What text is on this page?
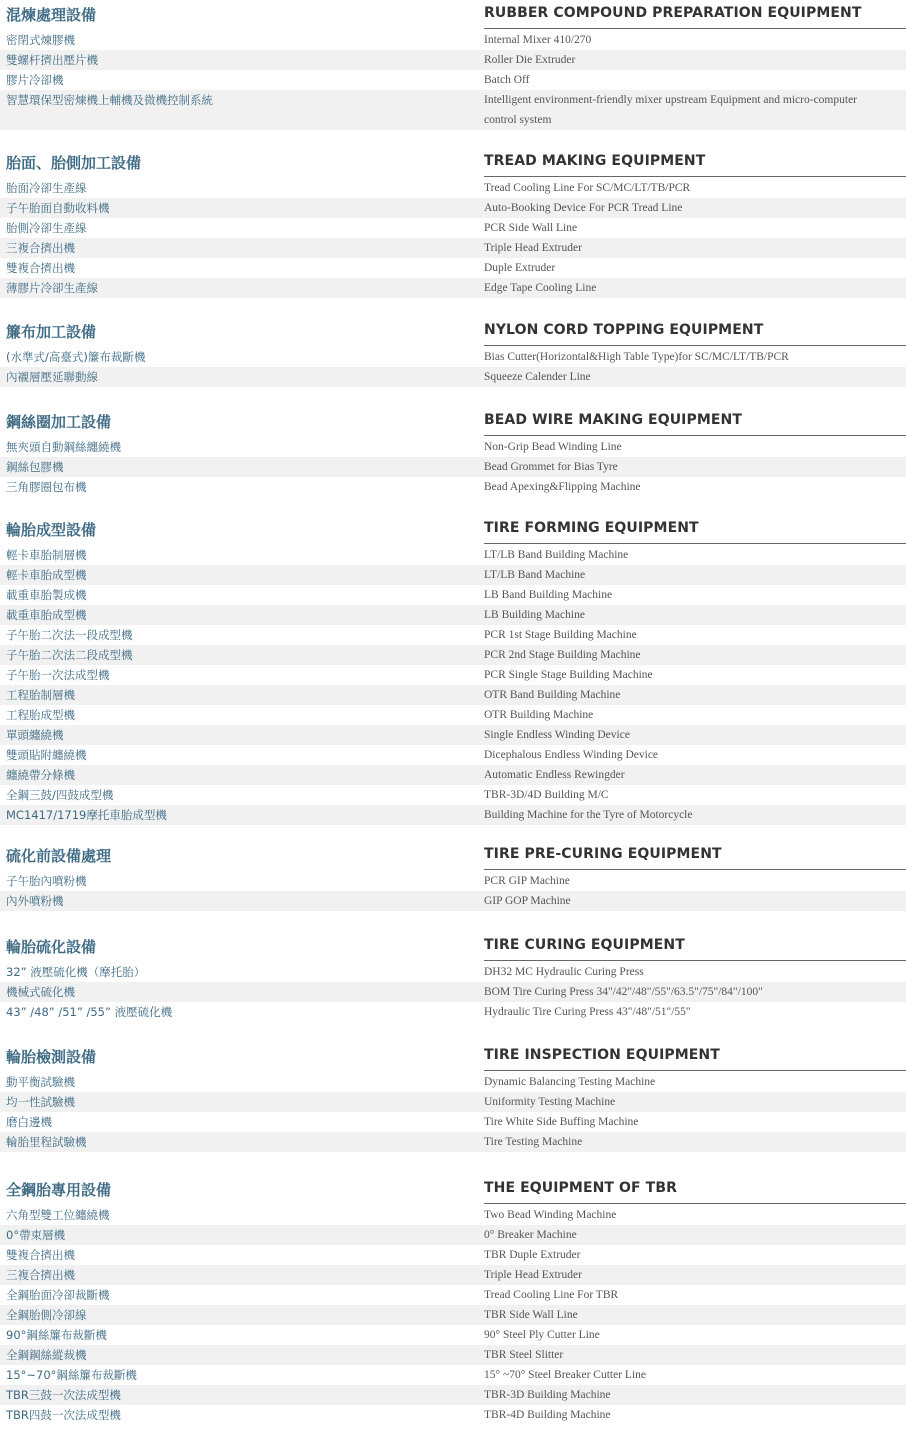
混煉處理設備	RUBBER COMPOUND PREPARATION EQUIPMENT
密閉式煉膠機	Internal Mixer 410/270
雙螺杆擠出壓片機	Roller Die Extruder
膠片冷卻機	Batch Off
智慧環保型密煉機上輔機及微機控制系統	Intelligent environment-friendly mixer upstream Equipment and micro-computer control system
胎面、胎側加工設備	TREAD MAKING EQUIPMENT
胎面冷卻生產線	Tread Cooling Line For SC/MC/LT/TB/PCR
子午胎面自動收料機	Auto-Booking Device For PCR Tread Line
胎側冷卻生產線	PCR Side Wall Line
三複合擠出機	Triple Head Extruder
雙複合擠出機	Duple Extruder
薄膠片冷卻生產線	Edge Tape Cooling Line
簾布加工設備	NYLON CORD TOPPING EQUIPMENT
(水準式/高臺式)簾布裁斷機	Bias Cutter(Horizontal&High Table Type)for SC/MC/LT/TB/PCR
內襯層壓延聯動線	Squeeze Calender Line
鋼絲圈加工設備	BEAD WIRE MAKING EQUIPMENT
無夾頭自動鋼絲纏繞機	Non-Grip Bead Winding Line
鋼絲包膠機	Bead Grommet for Bias Tyre
三角膠圈包布機	Bead Apexing&Flipping Machine
輪胎成型設備	TIRE FORMING EQUIPMENT
輕卡車胎制層機	LT/LB Band Building Machine
輕卡車胎成型機	LT/LB Band Machine
載重車胎製成機	LB Band Building Machine
載重車胎成型機	LB Building Machine
子午胎二次法一段成型機	PCR 1st Stage Building Machine
子午胎二次法二段成型機	PCR 2nd Stage Building Machine
子午胎一次法成型機	PCR Single Stage Building Machine
工程胎制層機	OTR Band Building Machine
工程胎成型機	OTR Building Machine
單頭纏繞機	Single Endless Winding Device
雙頭貼附纏繞機	Dicephalous Endless Winding Device
纏繞帶分條機	Automatic Endless Rewingder
全鋼三鼓/四鼓成型機	TBR-3D/4D Building M/C
MC1417/1719摩托車胎成型機	Building Machine for the Tyre of Motorcycle
硫化前設備處理	TIRE PRE-CURING EQUIPMENT
子午胎內噴粉機	PCR GIP Machine
內外噴粉機	GIP GOP Machine
輪胎硫化設備	TIRE CURING EQUIPMENT
32” 液壓硫化機（摩托胎）	DH32 MC Hydraulic Curing Press
機械式硫化機	BOM Tire Curing Press 34"/42"/48"/55"/63.5"/75"/84"/100"
43” /48” /51” /55” 液壓硫化機	Hydraulic Tire Curing Press 43"/48"/51"/55"
輪胎檢測設備	TIRE INSPECTION EQUIPMENT
動平衡試驗機	Dynamic Balancing Testing Machine
均一性試驗機	Uniformity Testing Machine
磨白邊機	Tire White Side Buffing Machine
輪胎里程試驗機	Tire Testing Machine
全鋼胎專用設備	THE EQUIPMENT OF TBR
六角型雙工位纏繞機	Two Bead Winding Machine
0°帶束層機	0° Breaker Machine
雙複合擠出機	TBR Duple Extruder
三複合擠出機	Triple Head Extruder
全鋼胎面冷卻裁斷機	Tread Cooling Line For TBR
全鋼胎側冷卻線	TBR Side Wall Line
90°鋼絲簾布裁斷機	90° Steel Ply Cutter Line
全鋼鋼絲縱裁機	TBR Steel Slitter
15°~70°鋼絲簾布裁斷機	15° ~70° Steel Breaker Cutter Line
TBR三鼓一次法成型機	TBR-3D Building Machine
TBR四鼓一次法成型機	TBR-4D Building Machine
